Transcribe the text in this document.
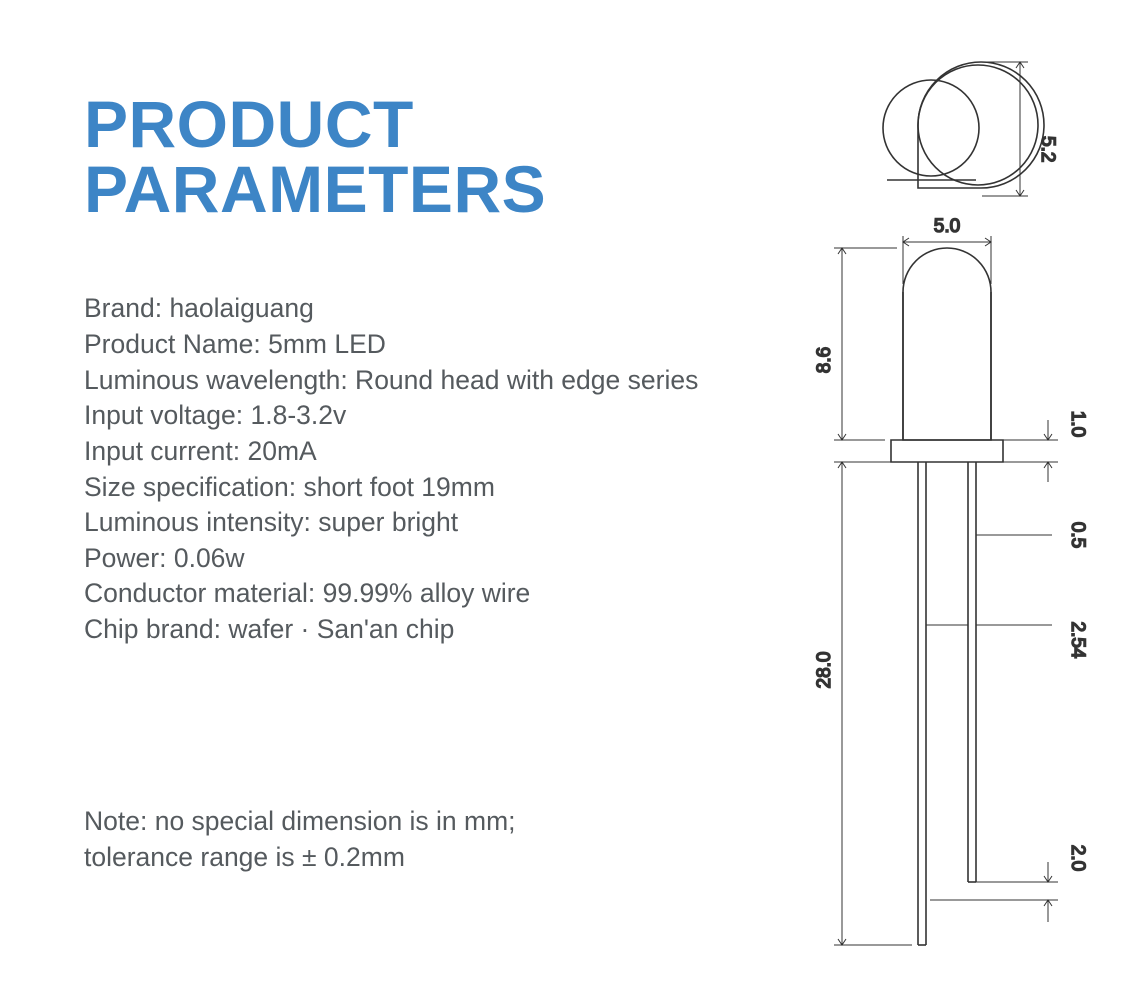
PRODUCT
PARAMETERS
Brand: haolaiguang
Product Name: 5mm LED
Luminous wavelength: Round head with edge series
Input voltage: 1.8-3.2v
Input current: 20mA
Size specification: short foot 19mm
Luminous intensity: super bright
Power: 0.06w
Conductor material: 99.99% alloy wire
Chip brand: wafer · San'an chip
Note: no special dimension is in mm;
tolerance range is ± 0.2mm
5.2
5.0
8.6
1.0
0.5
2.54
28.0
2.0
